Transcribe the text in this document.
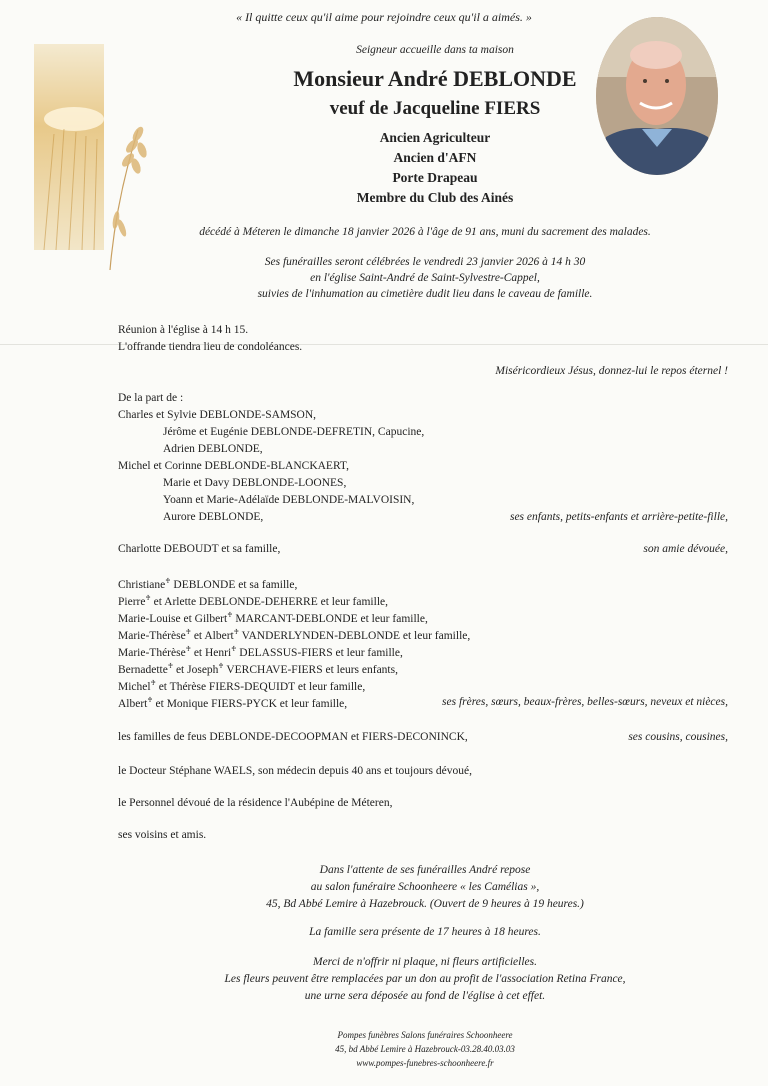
« Il quitte ceux qu'il aime pour rejoindre ceux qu'il a aimés. »
Seigneur accueille dans ta maison
Monsieur André DEBLONDE
veuf de Jacqueline FIERS
Ancien Agriculteur
Ancien d'AFN
Porte Drapeau
Membre du Club des Ainés
décédé à Méteren le dimanche 18 janvier 2026 à l'âge de 91 ans, muni du sacrement des malades.
Ses funérailles seront célébrées le vendredi 23 janvier 2026 à 14 h 30
en l'église Saint-André de Saint-Sylvestre-Cappel,
suivies de l'inhumation au cimetière dudit lieu dans le caveau de famille.
Réunion à l'église à 14 h 15.
L'offrande tiendra lieu de condoléances.
Miséricordieux Jésus, donnez-lui le repos éternel !
De la part de :
Charles et Sylvie DEBLONDE-SAMSON,
Jérôme et Eugénie DEBLONDE-DEFRETIN, Capucine,
Adrien DEBLONDE,
Michel et Corinne DEBLONDE-BLANCKAERT,
Marie et Davy DEBLONDE-LOONES,
Yoann et Marie-Adélaïde DEBLONDE-MALVOISIN,
Aurore DEBLONDE,	ses enfants, petits-enfants et arrière-petite-fille,
Charlotte DEBOUDT et sa famille,	son amie dévouée,
Christiane♰ DEBLONDE et sa famille,
Pierre♰ et Arlette DEBLONDE-DEHERRE et leur famille,
Marie-Louise et Gilbert♰ MARCANT-DEBLONDE et leur famille,
Marie-Thérèse♰ et Albert♰ VANDERLYNDEN-DEBLONDE et leur famille,
Marie-Thérèse♰ et Henri♰ DELASSUS-FIERS et leur famille,
Bernadette♰ et Joseph♰ VERCHAVE-FIERS et leurs enfants,
Michel♰ et Thérèse FIERS-DEQUIDT et leur famille,
Albert♰ et Monique FIERS-PYCK et leur famille,	ses frères, sœurs, beaux-frères, belles-sœurs, neveux et nièces,
les familles de feus DEBLONDE-DECOOPMAN et FIERS-DECONINCK,	ses cousins, cousines,
le Docteur Stéphane WAELS, son médecin depuis 40 ans et toujours dévoué,
le Personnel dévoué de la résidence l'Aubépine de Méteren,
ses voisins et amis.
Dans l'attente de ses funérailles André repose
au salon funéraire Schoonheere « les Camélias »,
45, Bd Abbé Lemire à Hazebrouck. (Ouvert de 9 heures à 19 heures.)
La famille sera présente de 17 heures à 18 heures.
Merci de n'offrir ni plaque, ni fleurs artificielles.
Les fleurs peuvent être remplacées par un don au profit de l'association Retina France,
une urne sera déposée au fond de l'église à cet effet.
Pompes funèbres Salons funéraires Schoonheere
45, bd Abbé Lemire à Hazebrouck-03.28.40.03.03
www.pompes-funebres-schoonheere.fr
